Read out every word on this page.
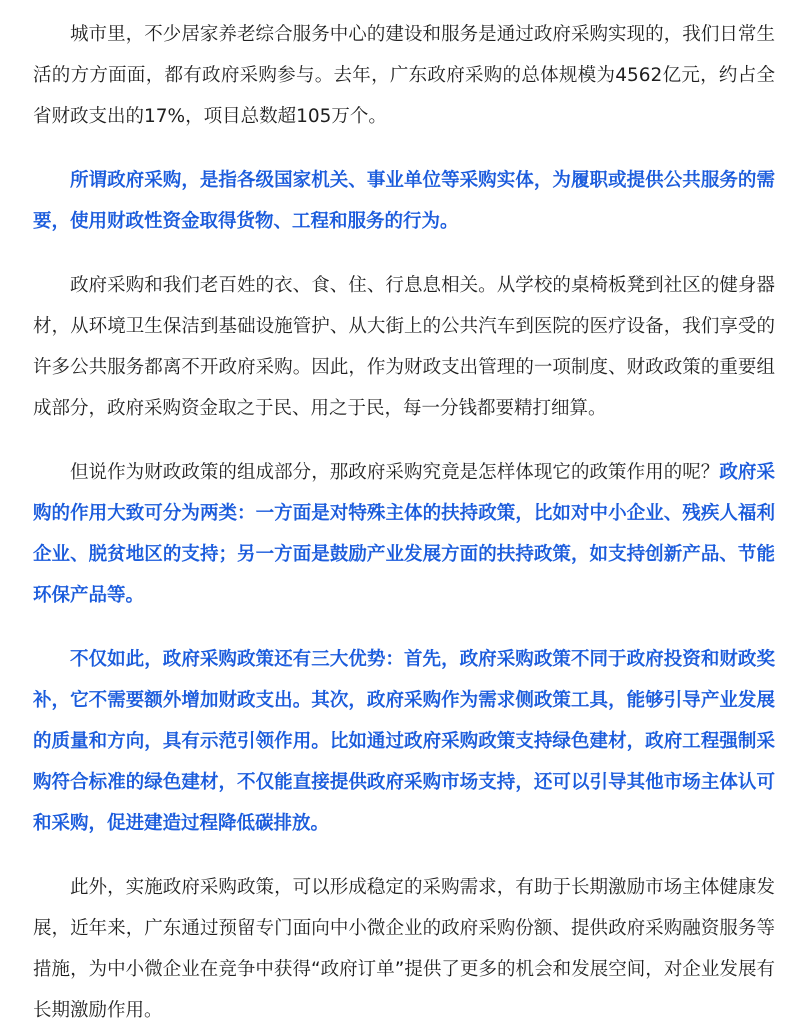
城市里，不少居家养老综合服务中心的建设和服务是通过政府采购实现的，我们日常生活的方方面面，都有政府采购参与。去年，广东政府采购的总体规模为4562亿元，约占全省财政支出的17%，项目总数超105万个。

所谓政府采购，是指各级国家机关、事业单位等采购实体，为履职或提供公共服务的需要，使用财政性资金取得货物、工程和服务的行为。

政府采购和我们老百姓的衣、食、住、行息息相关。从学校的桌椅板凳到社区的健身器材，从环境卫生保洁到基础设施管护、从大街上的公共汽车到医院的医疗设备，我们享受的许多公共服务都离不开政府采购。因此，作为财政支出管理的一项制度、财政政策的重要组成部分，政府采购资金取之于民、用之于民，每一分钱都要精打细算。

但说作为财政政策的组成部分，那政府采购究竟是怎样体现它的政策作用的呢？政府采购的作用大致可分为两类：一方面是对特殊主体的扶持政策，比如对中小企业、残疾人福利企业、脱贫地区的支持；另一方面是鼓励产业发展方面的扶持政策，如支持创新产品、节能环保产品等。

不仅如此，政府采购政策还有三大优势：首先，政府采购政策不同于政府投资和财政奖补，它不需要额外增加财政支出。其次，政府采购作为需求侧政策工具，能够引导产业发展的质量和方向，具有示范引领作用。比如通过政府采购政策支持绿色建材，政府工程强制采购符合标准的绿色建材，不仅能直接提供政府采购市场支持，还可以引导其他市场主体认可和采购，促进建造过程降低碳排放。

此外，实施政府采购政策，可以形成稳定的采购需求，有助于长期激励市场主体健康发展，近年来，广东通过预留专门面向中小微企业的政府采购份额、提供政府采购融资服务等措施，为中小微企业在竞争中获得“政府订单”提供了更多的机会和发展空间，对企业发展有长期激励作用。
